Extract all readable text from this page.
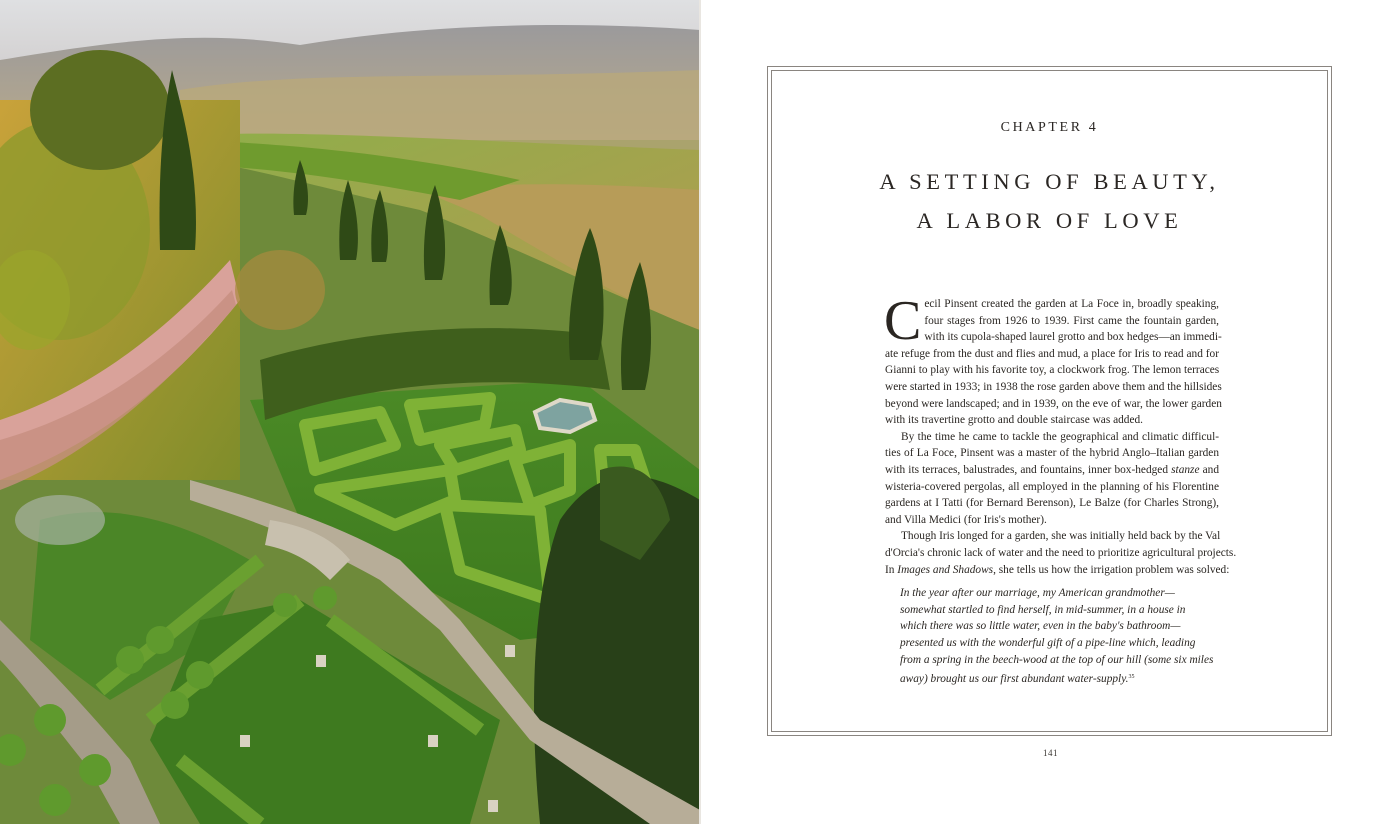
CHAPTER 4
A SETTING OF BEAUTY,
A LABOR OF LOVE

C ecil Pinsent created the garden at La Foce in, broadly speaking,
four stages from 1926 to 1939. First came the fountain garden,
with its cupola-shaped laurel grotto and box hedges—an immedi-
ate refuge from the dust and flies and mud, a place for Iris to read and for
Gianni to play with his favorite toy, a clockwork frog. The lemon terraces
were started in 1933; in 1938 the rose garden above them and the hillsides
beyond were landscaped; and in 1939, on the eve of war, the lower garden
with its travertine grotto and double staircase was added.

By the time he came to tackle the geographical and climatic difficul-
ties of La Foce, Pinsent was a master of the hybrid Anglo–Italian garden
with its terraces, balustrades, and fountains, inner box-hedged stanze and
wisteria-covered pergolas, all employed in the planning of his Florentine
gardens at I Tatti (for Bernard Berenson), Le Balze (for Charles Strong),
and Villa Medici (for Iris's mother).

Though Iris longed for a garden, she was initially held back by the Val
d'Orcia's chronic lack of water and the need to prioritize agricultural projects.
In Images and Shadows, she tells us how the irrigation problem was solved:

In the year after our marriage, my American grandmother—
somewhat startled to find herself, in mid-summer, in a house in
which there was so little water, even in the baby's bathroom—
presented us with the wonderful gift of a pipe-line which, leading
from a spring in the beech-wood at the top of our hill (some six miles
away) brought us our first abundant water-supply.$^{35}$
141
